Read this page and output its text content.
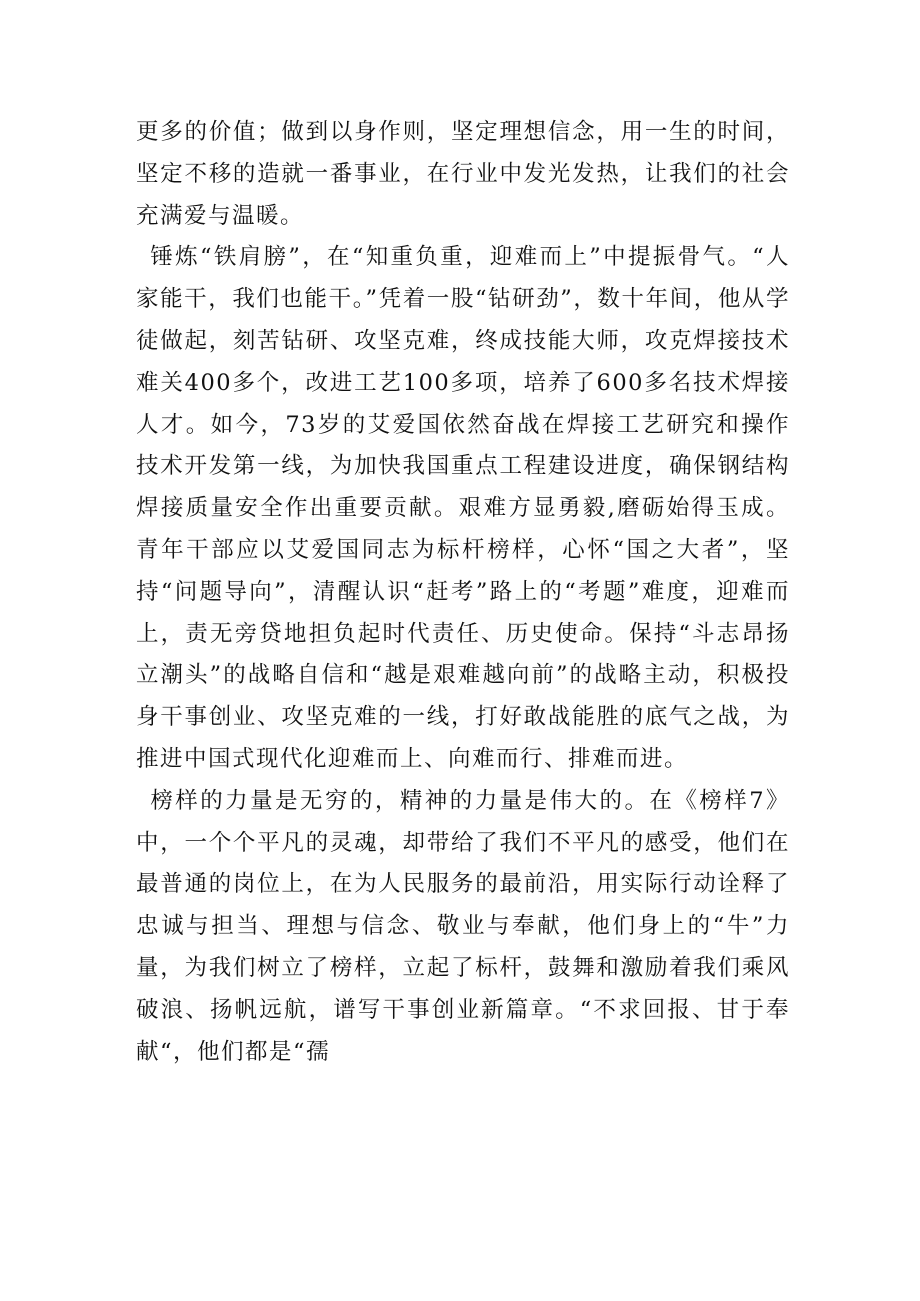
更多的价值；做到以身作则，坚定理想信念，用一生的时间，坚定不移的造就一番事业，在行业中发光发热，让我们的社会充满爱与温暖。

锤炼“铁肩膀”，在“知重负重，迎难而上”中提振骨气。“人家能干，我们也能干。”凭着一股“钻研劲”，数十年间，他从学徒做起，刻苦钻研、攻坚克难，终成技能大师，攻克焊接技术难关400多个，改进工艺100多项，培养了600多名技术焊接人才。如今，73岁的艾爱国依然奋战在焊接工艺研究和操作技术开发第一线，为加快我国重点工程建设进度，确保钢结构焊接质量安全作出重要贡献。艰难方显勇毅,磨砺始得玉成。青年干部应以艾爱国同志为标杆榜样，心怀“国之大者”，坚持“问题导向”，清醒认识“赶考”路上的“考题”难度，迎难而上，责无旁贷地担负起时代责任、历史使命。保持“斗志昂扬立潮头”的战略自信和“越是艰难越向前”的战略主动，积极投身干事创业、攻坚克难的一线，打好敢战能胜的底气之战，为推进中国式现代化迎难而上、向难而行、排难而进。

榜样的力量是无穷的，精神的力量是伟大的。在《榜样7》中，一个个平凡的灵魂，却带给了我们不平凡的感受，他们在最普通的岗位上，在为人民服务的最前沿，用实际行动诠释了忠诚与担当、理想与信念、敬业与奉献，他们身上的“牛”力量，为我们树立了榜样，立起了标杆，鼓舞和激励着我们乘风破浪、扬帆远航，谱写干事创业新篇章。“不求回报、甘于奉献“，他们都是“孺
